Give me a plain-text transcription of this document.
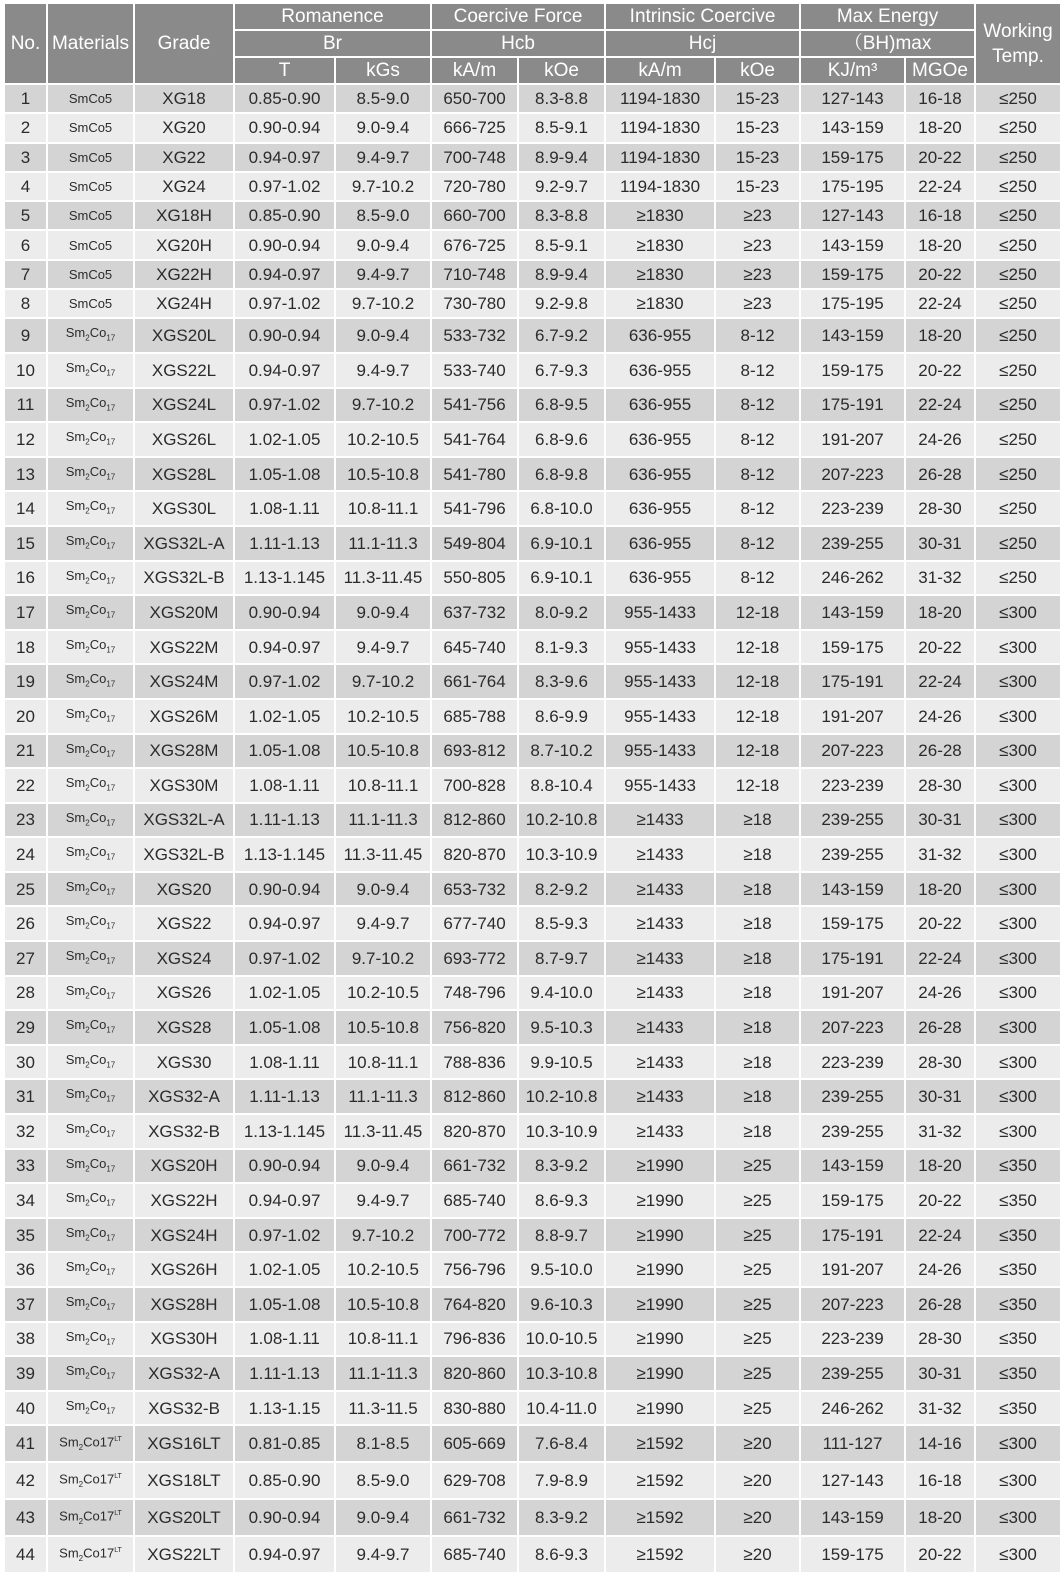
No.	Materials	Grade	Romanence		Coercive Force		Intrinsic Coercive		Max Energy		Working
Temp.
			Br		Hcb		Hcj		（BH)max		
			T	kGs	kA/m	kOe	kA/m	kOe	KJ/m³	MGOe	
1	SmCo5	XG18	0.85-0.90	8.5-9.0	650-700	8.3-8.8	1194-1830	15-23	127-143	16-18	≤250
2	SmCo5	XG20	0.90-0.94	9.0-9.4	666-725	8.5-9.1	1194-1830	15-23	143-159	18-20	≤250
3	SmCo5	XG22	0.94-0.97	9.4-9.7	700-748	8.9-9.4	1194-1830	15-23	159-175	20-22	≤250
4	SmCo5	XG24	0.97-1.02	9.7-10.2	720-780	9.2-9.7	1194-1830	15-23	175-195	22-24	≤250
5	SmCo5	XG18H	0.85-0.90	8.5-9.0	660-700	8.3-8.8	≥1830	≥23	127-143	16-18	≤250
6	SmCo5	XG20H	0.90-0.94	9.0-9.4	676-725	8.5-9.1	≥1830	≥23	143-159	18-20	≤250
7	SmCo5	XG22H	0.94-0.97	9.4-9.7	710-748	8.9-9.4	≥1830	≥23	159-175	20-22	≤250
8	SmCo5	XG24H	0.97-1.02	9.7-10.2	730-780	9.2-9.8	≥1830	≥23	175-195	22-24	≤250
9	$Sm_2Co_{17}$	XGS20L	0.90-0.94	9.0-9.4	533-732	6.7-9.2	636-955	8-12	143-159	18-20	≤250
10	$Sm_2Co_{17}$	XGS22L	0.94-0.97	9.4-9.7	533-740	6.7-9.3	636-955	8-12	159-175	20-22	≤250
11	$Sm_2Co_{17}$	XGS24L	0.97-1.02	9.7-10.2	541-756	6.8-9.5	636-955	8-12	175-191	22-24	≤250
12	$Sm_2Co_{17}$	XGS26L	1.02-1.05	10.2-10.5	541-764	6.8-9.6	636-955	8-12	191-207	24-26	≤250
13	$Sm_2Co_{17}$	XGS28L	1.05-1.08	10.5-10.8	541-780	6.8-9.8	636-955	8-12	207-223	26-28	≤250
14	$Sm_2Co_{17}$	XGS30L	1.08-1.11	10.8-11.1	541-796	6.8-10.0	636-955	8-12	223-239	28-30	≤250
15	$Sm_2Co_{17}$	XGS32L-A	1.11-1.13	11.1-11.3	549-804	6.9-10.1	636-955	8-12	239-255	30-31	≤250
16	$Sm_2Co_{17}$	XGS32L-B	1.13-1.145	11.3-11.45	550-805	6.9-10.1	636-955	8-12	246-262	31-32	≤250
17	$Sm_2Co_{17}$	XGS20M	0.90-0.94	9.0-9.4	637-732	8.0-9.2	955-1433	12-18	143-159	18-20	≤300
18	$Sm_2Co_{17}$	XGS22M	0.94-0.97	9.4-9.7	645-740	8.1-9.3	955-1433	12-18	159-175	20-22	≤300
19	$Sm_2Co_{17}$	XGS24M	0.97-1.02	9.7-10.2	661-764	8.3-9.6	955-1433	12-18	175-191	22-24	≤300
20	$Sm_2Co_{17}$	XGS26M	1.02-1.05	10.2-10.5	685-788	8.6-9.9	955-1433	12-18	191-207	24-26	≤300
21	$Sm_2Co_{17}$	XGS28M	1.05-1.08	10.5-10.8	693-812	8.7-10.2	955-1433	12-18	207-223	26-28	≤300
22	$Sm_2Co_{17}$	XGS30M	1.08-1.11	10.8-11.1	700-828	8.8-10.4	955-1433	12-18	223-239	28-30	≤300
23	$Sm_2Co_{17}$	XGS32L-A	1.11-1.13	11.1-11.3	812-860	10.2-10.8	≥1433	≥18	239-255	30-31	≤300
24	$Sm_2Co_{17}$	XGS32L-B	1.13-1.145	11.3-11.45	820-870	10.3-10.9	≥1433	≥18	239-255	31-32	≤300
25	$Sm_2Co_{17}$	XGS20	0.90-0.94	9.0-9.4	653-732	8.2-9.2	≥1433	≥18	143-159	18-20	≤300
26	$Sm_2Co_{17}$	XGS22	0.94-0.97	9.4-9.7	677-740	8.5-9.3	≥1433	≥18	159-175	20-22	≤300
27	$Sm_2Co_{17}$	XGS24	0.97-1.02	9.7-10.2	693-772	8.7-9.7	≥1433	≥18	175-191	22-24	≤300
28	$Sm_2Co_{17}$	XGS26	1.02-1.05	10.2-10.5	748-796	9.4-10.0	≥1433	≥18	191-207	24-26	≤300
29	$Sm_2Co_{17}$	XGS28	1.05-1.08	10.5-10.8	756-820	9.5-10.3	≥1433	≥18	207-223	26-28	≤300
30	$Sm_2Co_{17}$	XGS30	1.08-1.11	10.8-11.1	788-836	9.9-10.5	≥1433	≥18	223-239	28-30	≤300
31	$Sm_2Co_{17}$	XGS32-A	1.11-1.13	11.1-11.3	812-860	10.2-10.8	≥1433	≥18	239-255	30-31	≤300
32	$Sm_2Co_{17}$	XGS32-B	1.13-1.145	11.3-11.45	820-870	10.3-10.9	≥1433	≥18	239-255	31-32	≤300
33	$Sm_2Co_{17}$	XGS20H	0.90-0.94	9.0-9.4	661-732	8.3-9.2	≥1990	≥25	143-159	18-20	≤350
34	$Sm_2Co_{17}$	XGS22H	0.94-0.97	9.4-9.7	685-740	8.6-9.3	≥1990	≥25	159-175	20-22	≤350
35	$Sm_2Co_{17}$	XGS24H	0.97-1.02	9.7-10.2	700-772	8.8-9.7	≥1990	≥25	175-191	22-24	≤350
36	$Sm_2Co_{17}$	XGS26H	1.02-1.05	10.2-10.5	756-796	9.5-10.0	≥1990	≥25	191-207	24-26	≤350
37	$Sm_2Co_{17}$	XGS28H	1.05-1.08	10.5-10.8	764-820	9.6-10.3	≥1990	≥25	207-223	26-28	≤350
38	$Sm_2Co_{17}$	XGS30H	1.08-1.11	10.8-11.1	796-836	10.0-10.5	≥1990	≥25	223-239	28-30	≤350
39	$Sm_2Co_{17}$	XGS32-A	1.11-1.13	11.1-11.3	820-860	10.3-10.8	≥1990	≥25	239-255	30-31	≤350
40	$Sm_2Co_{17}$	XGS32-B	1.13-1.15	11.3-11.5	830-880	10.4-11.0	≥1990	≥25	246-262	31-32	≤350
41	$Sm_2Co17^{LT}$	XGS16LT	0.81-0.85	8.1-8.5	605-669	7.6-8.4	≥1592	≥20	111-127	14-16	≤300
42	$Sm_2Co17^{LT}$	XGS18LT	0.85-0.90	8.5-9.0	629-708	7.9-8.9	≥1592	≥20	127-143	16-18	≤300
43	$Sm_2Co17^{LT}$	XGS20LT	0.90-0.94	9.0-9.4	661-732	8.3-9.2	≥1592	≥20	143-159	18-20	≤300
44	$Sm_2Co17^{LT}$	XGS22LT	0.94-0.97	9.4-9.7	685-740	8.6-9.3	≥1592	≥20	159-175	20-22	≤300
